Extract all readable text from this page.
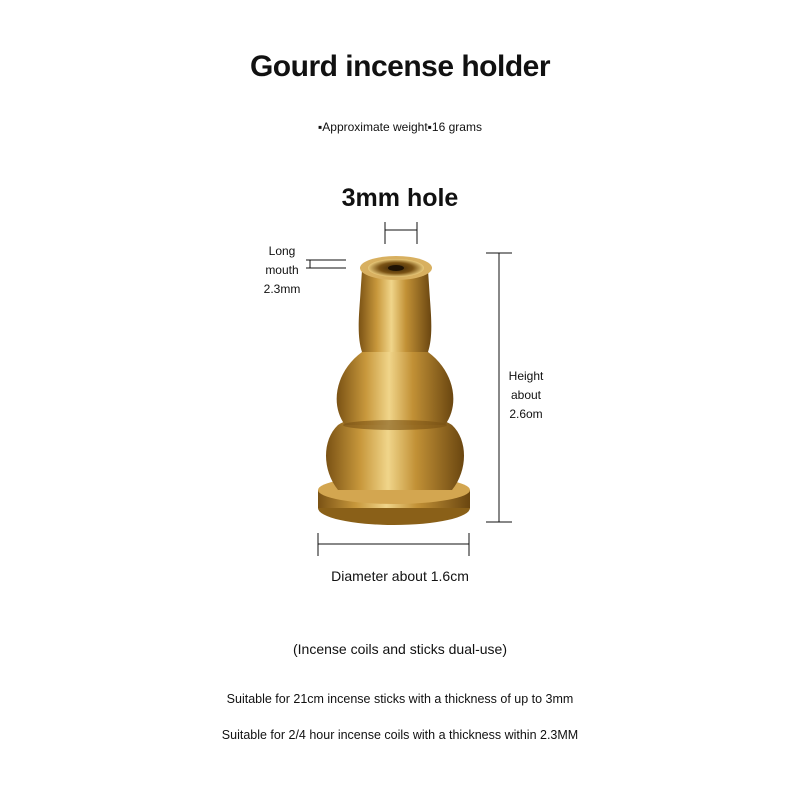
Gourd incense holder
▪Approximate weight▪16 grams
3mm hole
Long
mouth
2.3mm
Height
about
2.6om
Diameter about 1.6cm
(Incense coils and sticks dual-use)
Suitable for 21cm incense sticks with a thickness of up to 3mm
Suitable for 2/4 hour incense coils with a thickness within 2.3MM
